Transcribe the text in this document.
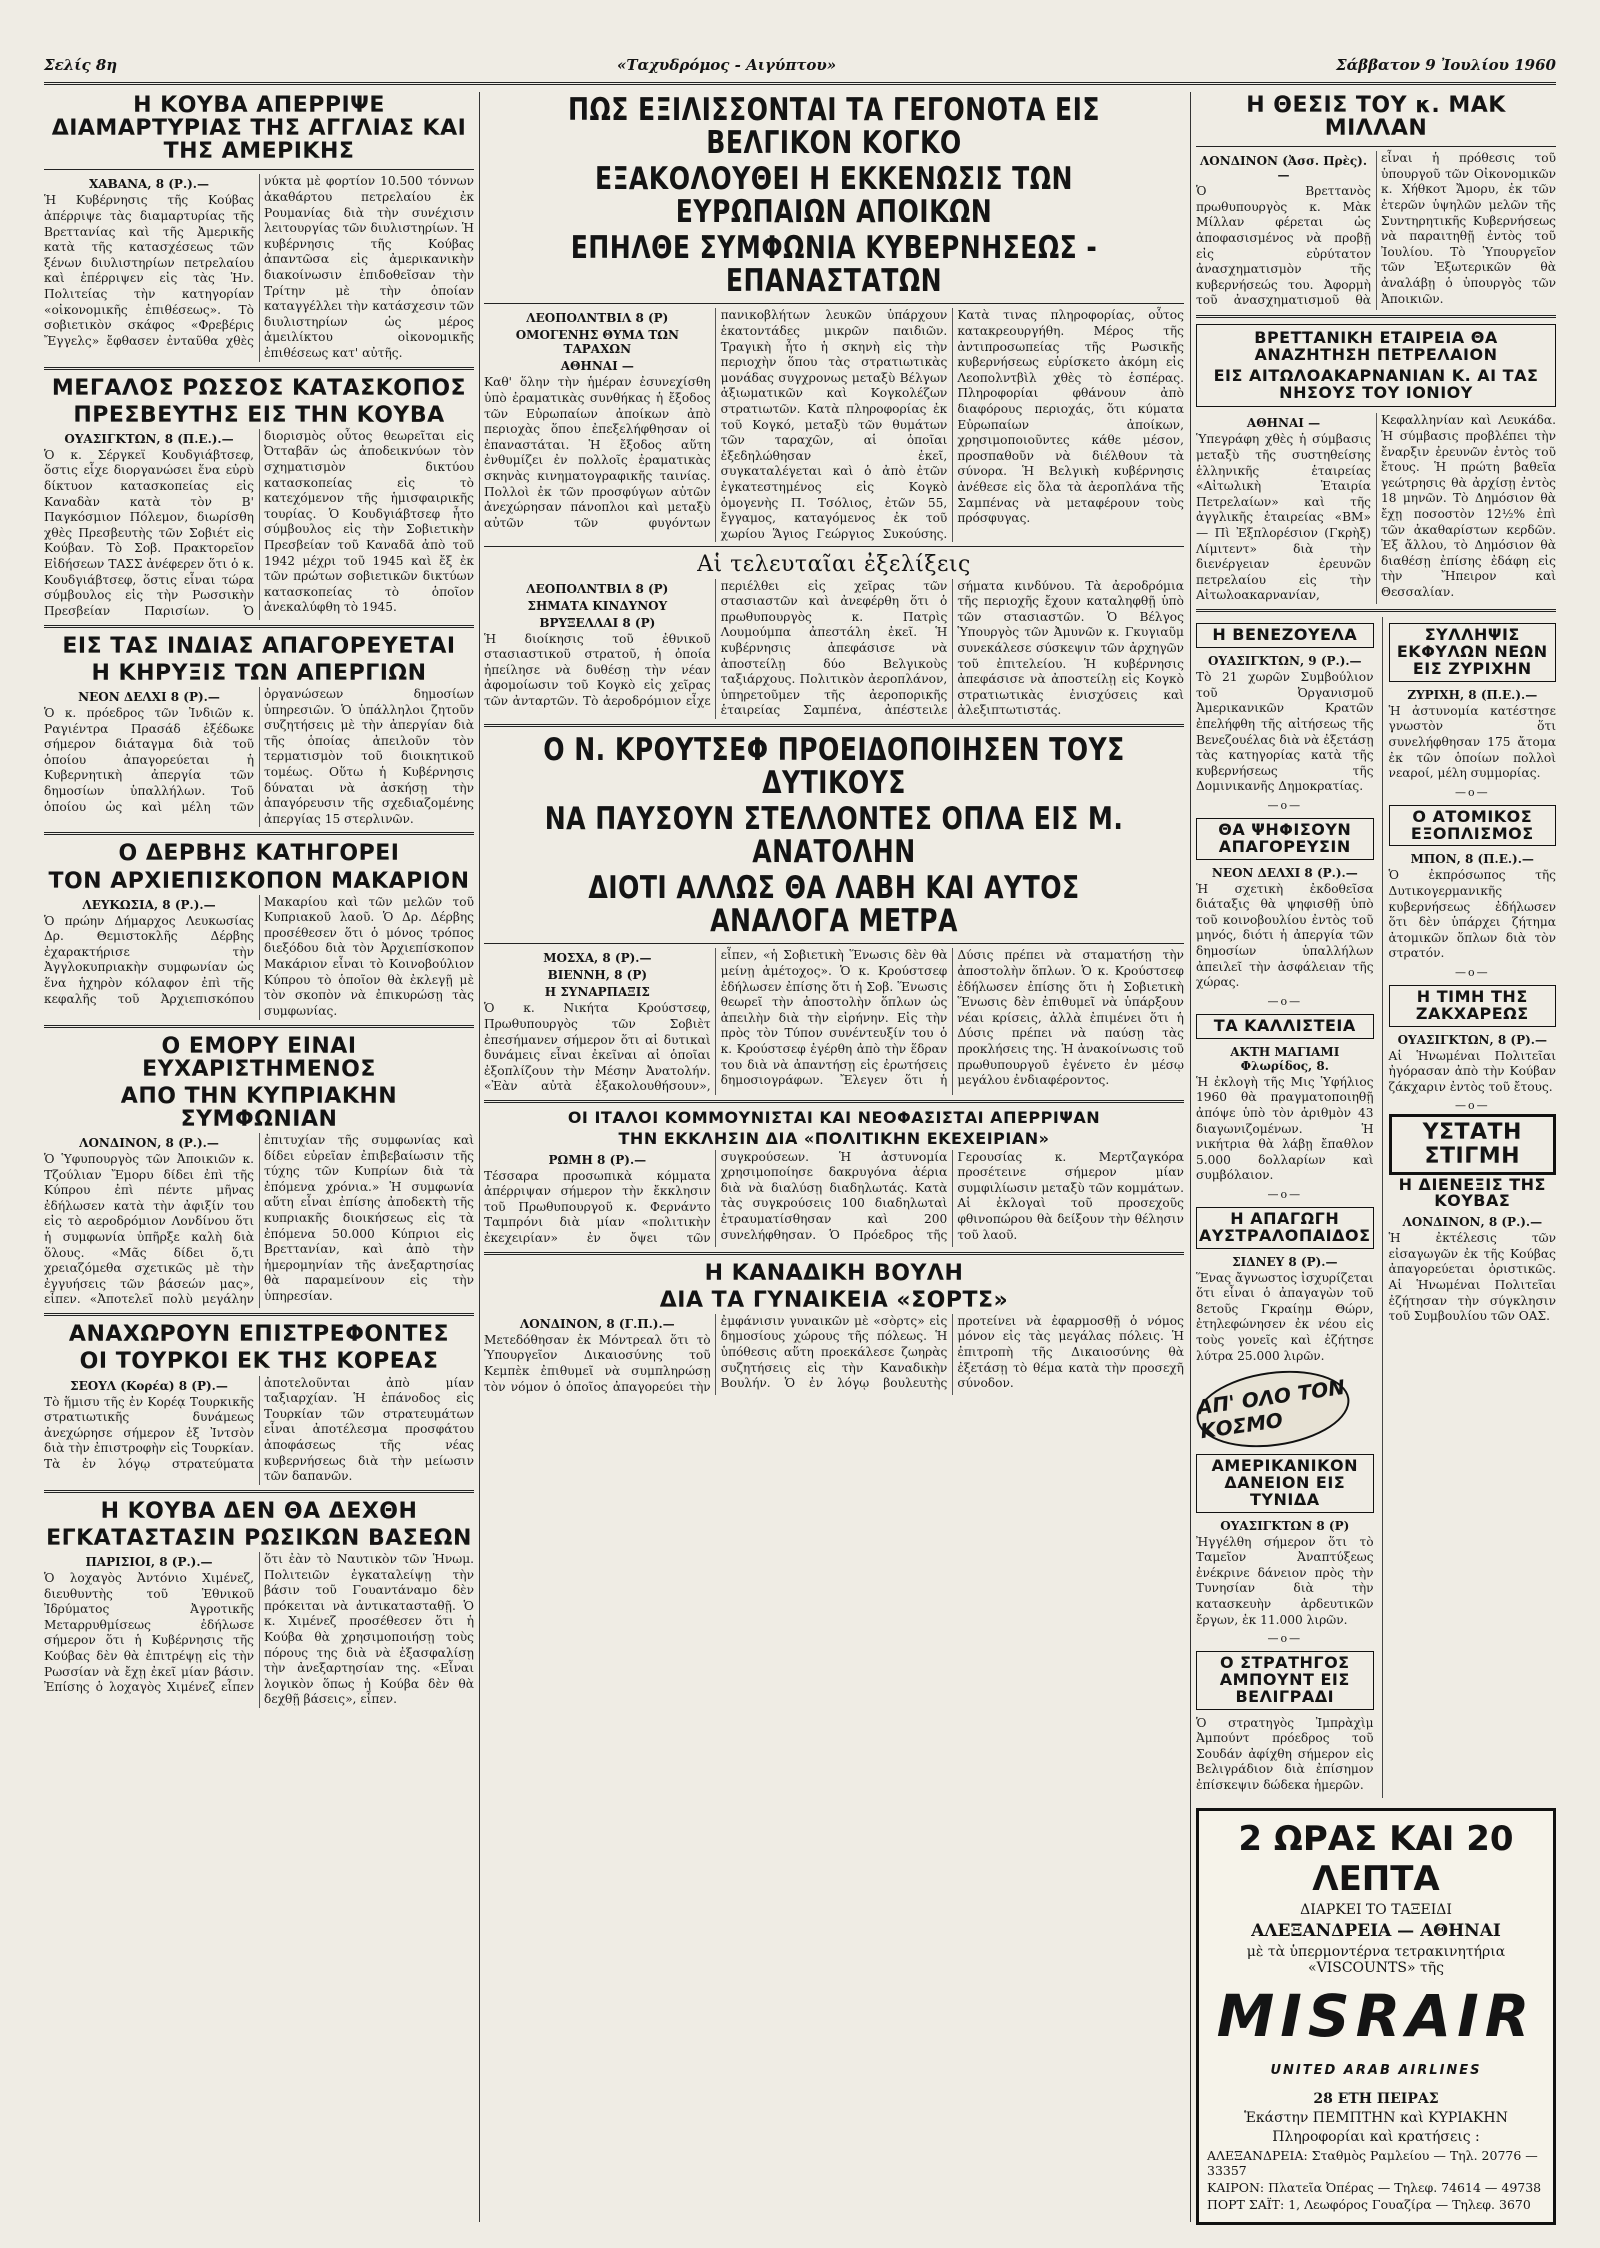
Σελίς 8η	«Ταχυδρόμος - Αιγύπτου»	Σάββατον 9 Ἰουλίου 1960
Η ΚΟΥΒΑ ΑΠΕΡΡΙΨΕ ΔΙΑΜΑΡΤΥΡΙΑΣ ΤΗΣ ΑΓΓΛΙΑΣ ΚΑΙ ΤΗΣ ΑΜΕΡΙΚΗΣ

ΧΑΒΑΝΑ, 8 (Ρ.).—

Ἡ Κυβέρνησις τῆς Κούβας ἀπέρριψε τὰς διαμαρτυρίας τῆς Βρεττανίας καὶ τῆς Ἀμερικῆς κατὰ τῆς κατασχέσεως τῶν ξένων διυλιστηρίων πετρελαίου καὶ ἐπέρριψεν εἰς τὰς Ἡν. Πολιτείας τὴν κατηγορίαν «οἰκονομικῆς ἐπιθέσεως». Τὸ σοβιετικὸν σκάφος «Φρεβέρις Ἔγγελς» ἔφθασεν ἐνταῦθα χθὲς νύκτα μὲ φορτίον 10.500 τόννων ἀκαθάρτου πετρελαίου ἐκ Ρουμανίας διὰ τὴν συνέχισιν λειτουργίας τῶν διυλιστηρίων. Ἡ κυβέρνησις τῆς Κούβας ἀπαντῶσα εἰς ἀμερικανικὴν διακοίνωσιν ἐπιδοθεῖσαν τὴν Τρίτην μὲ τὴν ὁποίαν καταγγέλλει τὴν κατάσχεσιν τῶν διυλιστηρίων ὡς μέρος ἀμειλίκτου οἰκονομικῆς ἐπιθέσεως κατ' αὐτῆς.

ΜΕΓΑΛΟΣ ΡΩΣΣΟΣ ΚΑΤΑΣΚΟΠΟΣ
ΠΡΕΣΒΕΥΤΗΣ ΕΙΣ ΤΗΝ ΚΟΥΒΑ

ΟΥΑΣΙΓΚΤΩΝ, 8 (Π.Ε.).—

Ὁ κ. Σέργκεϊ Κουδγιάβτσεφ, ὅστις εἶχε διοργανώσει ἕνα εὐρὺ δίκτυον κατασκοπείας εἰς Καναδὰν κατὰ τὸν Β' Παγκόσμιον Πόλεμον, διωρίσθη χθὲς Πρεσβευτὴς τῶν Σοβιέτ εἰς Κούβαν. Τὸ Σοβ. Πρακτορεῖον Εἰδήσεων ΤΑΣΣ ἀνέφερεν ὅτι ὁ κ. Κουδγιάβτσεφ, ὅστις εἶναι τώρα σύμβουλος εἰς τὴν Ρωσσικὴν Πρεσβείαν Παρισίων. Ὁ διορισμὸς οὗτος θεωρεῖται εἰς Ὀτταβᾶν ὡς ἀποδεικνύων τὸν σχηματισμὸν δικτύου κατασκοπείας εἰς τὸ κατεχόμενον τῆς ἡμισφαιρικῆς τουρίας. Ὁ Κουδγιάβτσεφ ἦτο σύμβουλος εἰς τὴν Σοβιετικὴν Πρεσβείαν τοῦ Καναδᾶ ἀπὸ τοῦ 1942 μέχρι τοῦ 1945 καὶ ἔξ ἐκ τῶν πρώτων σοβιετικῶν δικτύων κατασκοπείας τὸ ὁποῖον ἀνεκαλύφθη τὸ 1945.

ΕΙΣ ΤΑΣ ΙΝΔΙΑΣ ΑΠΑΓΟΡΕΥΕΤΑΙ
Η ΚΗΡΥΞΙΣ ΤΩΝ ΑΠΕΡΓΙΩΝ

ΝΕΟΝ ΔΕΛΧΙ 8 (Ρ).—

Ὁ κ. πρόεδρος τῶν Ἰνδιῶν κ. Ραγιέντρα Πρασάδ ἐξέδωκε σήμερον διάταγμα διὰ τοῦ ὁποίου ἀπαγορεύεται ἡ Κυβερνητικὴ ἀπεργία τῶν δημοσίων ὑπαλλήλων. Τοῦ ὁποίου ὡς καὶ μέλη τῶν ὀργανώσεων δημοσίων ὑπηρεσιῶν. Ὁ ὑπάλληλοι ζητοῦν συζητήσεις μὲ τὴν ἀπεργίαν διὰ τῆς ὁποίας ἀπειλοῦν τὸν τερματισμὸν τοῦ διοικητικοῦ τομέως. Οὕτω ἡ Κυβέρνησις δύναται νὰ ἀσκήσῃ τὴν ἀπαγόρευσιν τῆς σχεδιαζομένης ἀπεργίας 15 στερλινῶν.

Ο ΔΕΡΒΗΣ ΚΑΤΗΓΟΡΕΙ
ΤΟΝ ΑΡΧΙΕΠΙΣΚΟΠΟΝ ΜΑΚΑΡΙΟΝ

ΛΕΥΚΩΣΙΑ, 8 (Ρ.).—

Ὁ πρώην Δήμαρχος Λευκωσίας Δρ. Θεμιστοκλῆς Δέρβης ἐχαρακτήρισε τὴν Ἀγγλοκυπριακὴν συμφωνίαν ὡς ἕνα ἡχηρὸν κόλαφον ἐπὶ τῆς κεφαλῆς τοῦ Ἀρχιεπισκόπου Μακαρίου καὶ τῶν μελῶν τοῦ Κυπριακοῦ λαοῦ. Ὁ Δρ. Δέρβης προσέθεσεν ὅτι ὁ μόνος τρόπος διεξόδου διὰ τὸν Ἀρχιεπίσκοπον Μακάριον εἶναι τὸ Κοινοβούλιον Κύπρου τὸ ὁποῖον θὰ ἐκλεγῇ μὲ τὸν σκοπὸν νὰ ἐπικυρώσῃ τὰς συμφωνίας.

Ο ΕΜΟΡΥ ΕΙΝΑΙ ΕΥΧΑΡΙΣΤΗΜΕΝΟΣ
ΑΠΟ ΤΗΝ ΚΥΠΡΙΑΚΗΝ ΣΥΜΦΩΝΙΑΝ

ΛΟΝΔΙΝΟΝ, 8 (Ρ.).—

Ὁ Ὑφυπουργὸς τῶν Ἀποικιῶν κ. Τζούλιαν Ἔμορυ δίδει ἐπὶ τῆς Κύπρου ἐπὶ πέντε μῆνας ἐδήλωσεν κατὰ τὴν ἀφιξίν του εἰς τὸ αεροδρόμιον Λονδίνου ὅτι ἡ συμφωνία ὑπῆρξε καλὴ διὰ ὅλους. «Μᾶς δίδει ὅ,τι χρειαζόμεθα σχετικῶς μὲ τὴν ἐγγυήσεις τῶν βάσεών μας», εἶπεν. «Ἀποτελεῖ πολὺ μεγάλην ἐπιτυχίαν τῆς συμφωνίας καὶ δίδει εὐρεῖαν ἐπιβεβαίωσιν τῆς τύχης τῶν Κυπρίων διὰ τὰ ἐπόμενα χρόνια.» Ἡ συμφωνία αὕτη εἶναι ἐπίσης ἀποδεκτὴ τῆς κυπριακῆς διοικήσεως εἰς τὰ ἐπόμενα 50.000 Κύπριοι εἰς Βρεττανίαν, καὶ ἀπὸ τὴν ἡμερομηνίαν τῆς ἀνεξαρτησίας θὰ παραμείνουν εἰς τὴν ὑπηρεσίαν.

ΑΝΑΧΩΡΟΥΝ ΕΠΙΣΤΡΕΦΟΝΤΕΣ
ΟΙ ΤΟΥΡΚΟΙ ΕΚ ΤΗΣ ΚΟΡΕΑΣ

ΣΕΟΥΛ (Κορέα) 8 (Ρ).—

Τὸ ἥμισυ τῆς ἐν Κορέᾳ Τουρκικῆς στρατιωτικῆς δυνάμεως ἀνεχώρησε σήμερον ἐξ Ἰντσὸν διὰ τὴν ἐπιστροφὴν εἰς Τουρκίαν. Τὰ ἐν λόγῳ στρατεύματα ἀποτελοῦνται ἀπὸ μίαν ταξιαρχίαν. Ἡ ἐπάνοδος εἰς Τουρκίαν τῶν στρατευμάτων εἶναι ἀποτέλεσμα προσφάτου ἀποφάσεως τῆς νέας κυβερνήσεως διὰ τὴν μείωσιν τῶν δαπανῶν.

Η ΚΟΥΒΑ ΔΕΝ ΘΑ ΔΕΧΘΗ
ΕΓΚΑΤΑΣΤΑΣΙΝ ΡΩΣΙΚΩΝ ΒΑΣΕΩΝ

ΠΑΡΙΣΙΟΙ, 8 (Ρ.).—

Ὁ λοχαγὸς Ἀντόνιο Χιμένεζ, διευθυντὴς τοῦ Ἐθνικοῦ Ἰδρύματος Ἀγροτικῆς Μεταρρυθμίσεως ἐδήλωσε σήμερον ὅτι ἡ Κυβέρνησις τῆς Κούβας δὲν θὰ ἐπιτρέψῃ εἰς τὴν Ρωσσίαν νὰ ἔχῃ ἐκεῖ μίαν βάσιν. Ἐπίσης ὁ λοχαγὸς Χιμένεζ εἶπεν ὅτι ἐὰν τὸ Ναυτικὸν τῶν Ἡνωμ. Πολιτειῶν ἐγκαταλείψῃ τὴν βάσιν τοῦ Γουαντάναμο δὲν πρόκειται νὰ ἀντικατασταθῇ. Ὁ κ. Χιμένεζ προσέθεσεν ὅτι ἡ Κούβα θὰ χρησιμοποιήσῃ τοὺς πόρους της διὰ νὰ ἐξασφαλίσῃ τὴν ἀνεξαρτησίαν της. «Εἶναι λογικὸν ὅπως ἡ Κούβα δὲν θὰ δεχθῇ βάσεις», εἶπεν.

ΠΩΣ ΕΞΙΛΙΣΣΟΝΤΑΙ ΤΑ ΓΕΓΟΝΟΤΑ ΕΙΣ ΒΕΛΓΙΚΟΝ ΚΟΓΚΟ
ΕΞΑΚΟΛΟΥΘΕΙ Η ΕΚΚΕΝΩΣΙΣ ΤΩΝ ΕΥΡΩΠΑΙΩΝ ΑΠΟΙΚΩΝ
ΕΠΗΛΘΕ ΣΥΜΦΩΝΙΑ ΚΥΒΕΡΝΗΣΕΩΣ - ΕΠΑΝΑΣΤΑΤΩΝ

ΛΕΟΠΟΛΝΤΒΙΛ 8 (Ρ)

ΟΜΟΓΕΝΗΣ ΘΥΜΑ ΤΩΝ ΤΑΡΑΧΩΝ

ΑΘΗΝΑΙ —

Καθ' ὅλην τὴν ἡμέραν ἐσυνεχίσθη ὑπὸ ἐραματικὰς συνθήκας ἡ ἔξοδος τῶν Εὐρωπαίων ἀποίκων ἀπὸ περιοχὰς ὅπου ἐπεξελήφθησαν οἱ ἐπαναστάται. Ἡ ἔξοδος αὕτη ἐνθυμίζει ἐν πολλοῖς ἐραματικὰς σκηνὰς κινηματογραφικῆς ταινίας. Πολλοὶ ἐκ τῶν προσφύγων αὐτῶν ἀνεχώρησαν πάνοπλοι καὶ μεταξὺ αὐτῶν τῶν φυγόντων πανικοβλήτων λευκῶν ὑπάρχουν ἑκατοντάδες μικρῶν παιδιῶν. Τραγικὴ ἦτο ἡ σκηνὴ εἰς τὴν περιοχὴν ὅπου τὰς στρατιωτικὰς μονάδας συγχρονως μεταξὺ Βέλγων ἀξιωματικῶν καὶ Κογκολέζων στρατιωτῶν. Κατὰ πληροφορίας ἐκ τοῦ Κογκό, μεταξὺ τῶν θυμάτων τῶν ταραχῶν, αἱ ὁποῖαι ἐξεδηλώθησαν ἐκεῖ, συγκαταλέγεται καὶ ὁ ἀπὸ ἐτῶν ἐγκατεστημένος εἰς Κογκὸ ὁμογενὴς Π. Τσόλιος, ἐτῶν 55, ἔγγαμος, καταγόμενος ἐκ τοῦ χωρίου Ἅγιος Γεώργιος Συκούσης. Κατὰ τινας πληροφορίας, οὗτος κατακρεουργήθη. Μέρος τῆς ἀντιπροσωπείας τῆς Ρωσικῆς κυβερνήσεως εὑρίσκετο ἀκόμη εἰς Λεοπολντβὶλ χθὲς τὸ ἑσπέρας. Πληροφορίαι φθάνουν ἀπὸ διαφόρους περιοχάς, ὅτι κύματα Εὐρωπαίων ἀποίκων, χρησιμοποιοῦντες κάθε μέσον, προσπαθοῦν νὰ διέλθουν τὰ σύνορα. Ἡ Βελγικὴ κυβέρνησις ἀνέθεσε εἰς ὅλα τὰ ἀεροπλάνα τῆς Σαμπένας νὰ μεταφέρουν τοὺς πρόσφυγας.

Αἱ τελευταῖαι ἐξελίξεις

ΛΕΟΠΟΛΝΤΒΙΛ 8 (Ρ)

ΣΗΜΑΤΑ ΚΙΝΔΥΝΟΥ

ΒΡΥΞΕΛΛΑΙ 8 (Ρ)

Ἡ διοίκησις τοῦ ἐθνικοῦ στασιαστικοῦ στρατοῦ, ἡ ὁποία ἠπείλησε νὰ δυθέσῃ τὴν νέαν ἀφομοίωσιν τοῦ Κογκὸ εἰς χεῖρας τῶν ἀνταρτῶν. Τὸ ἀεροδρόμιον εἶχε περιέλθει εἰς χεῖρας τῶν στασιαστῶν καὶ ἀνεφέρθη ὅτι ὁ πρωθυπουργὸς κ. Πατρὶς Λουμούμπα ἀπεστάλη ἐκεῖ. Ἡ κυβέρνησις ἀπεφάσισε νὰ ἀποστείλῃ δύο Βελγικοὺς ταξιάρχους. Πολιτικὸν ἀεροπλάνον, ὑπηρετοῦμεν τῆς ἀεροπορικῆς ἑταιρείας Σαμπένα, ἀπέστειλε σήματα κινδύνου. Τὰ ἀεροδρόμια τῆς περιοχῆς ἔχουν καταληφθῇ ὑπὸ τῶν στασιαστῶν. Ὁ Βέλγος Ὑπουργὸς τῶν Ἀμυνῶν κ. Γκυγιαῦμ συνεκάλεσε σύσκεψιν τῶν ἀρχηγῶν τοῦ ἐπιτελείου. Ἡ κυβέρνησις ἀπεφάσισε νὰ ἀποστείλῃ εἰς Κογκὸ στρατιωτικὰς ἐνισχύσεις καὶ ἀλεξιπτωτιστάς.

Ο Ν. ΚΡΟΥΤΣΕΦ ΠΡΟΕΙΔΟΠΟΙΗΣΕΝ ΤΟΥΣ ΔΥΤΙΚΟΥΣ
ΝΑ ΠΑΥΣΟΥΝ ΣΤΕΛΛΟΝΤΕΣ ΟΠΛΑ ΕΙΣ Μ. ΑΝΑΤΟΛΗΝ
ΔΙΟΤΙ ΑΛΛΩΣ ΘΑ ΛΑΒΗ ΚΑΙ ΑΥΤΟΣ ΑΝΑΛΟΓΑ ΜΕΤΡΑ

ΜΟΣΧΑ, 8 (Ρ).—

ΒΙΕΝΝΗ, 8 (Ρ)

Η ΣΥΝΑΡΠΑΞΙΣ

Ὁ κ. Νικήτα Κρούστσεφ, Πρωθυπουργὸς τῶν Σοβιὲτ ἐπεσήμανεν σήμερον ὅτι αἱ δυτικαὶ δυνάμεις εἶναι ἐκεῖναι αἱ ὁποῖαι ἐξοπλίζουν τὴν Μέσην Ἀνατολήν. «Ἐὰν αὐτὰ ἐξακολουθήσουν», εἶπεν, «ἡ Σοβιετικὴ Ἕνωσις δὲν θὰ μείνῃ ἀμέτοχος». Ὁ κ. Κρούστσεφ ἐδήλωσεν ἐπίσης ὅτι ἡ Σοβ. Ἕνωσις θεωρεῖ τὴν ἀποστολὴν ὅπλων ὡς ἀπειλὴν διὰ τὴν εἰρήνην. Εἰς τὴν πρὸς τὸν Τύπον συνέντευξίν του ὁ κ. Κρούστσεφ ἐγέρθη ἀπὸ τὴν ἕδραν του διὰ νὰ ἀπαντήσῃ εἰς ἐρωτήσεις δημοσιογράφων. Ἔλεγεν ὅτι ἡ Δύσις πρέπει νὰ σταματήσῃ τὴν ἀποστολὴν ὅπλων. Ὁ κ. Κρούστσεφ ἐδήλωσεν ἐπίσης ὅτι ἡ Σοβιετικὴ Ἕνωσις δὲν ἐπιθυμεῖ νὰ ὑπάρξουν νέαι κρίσεις, ἀλλὰ ἐπιμένει ὅτι ἡ Δύσις πρέπει νὰ παύσῃ τὰς προκλήσεις της. Ἡ ἀνακοίνωσις τοῦ πρωθυπουργοῦ ἐγένετο ἐν μέσῳ μεγάλου ἐνδιαφέροντος.

ΟΙ ΙΤΑΛΟΙ ΚΟΜΜΟΥΝΙΣΤΑΙ ΚΑΙ ΝΕΟΦΑΣΙΣΤΑΙ ΑΠΕΡΡΙΨΑΝ
ΤΗΝ ΕΚΚΛΗΣΙΝ ΔΙΑ «ΠΟΛΙΤΙΚΗΝ ΕΚΕΧΕΙΡΙΑΝ»

ΡΩΜΗ 8 (Ρ).—

Τέσσαρα προσωπικὰ κόμματα ἀπέρριψαν σήμερον τὴν ἔκκλησιν τοῦ Πρωθυπουργοῦ κ. Φερνάντο Ταμπρόνι διὰ μίαν «πολιτικὴν ἐκεχειρίαν» ἐν ὄψει τῶν συγκρούσεων. Ἡ ἀστυνομία χρησιμοποίησε δακρυγόνα ἀέρια διὰ νὰ διαλύσῃ διαδηλωτάς. Κατὰ τὰς συγκρούσεις 100 διαδηλωταὶ ἐτραυματίσθησαν καὶ 200 συνελήφθησαν. Ὁ Πρόεδρος τῆς Γερουσίας κ. Μερτζαγκόρα προσέτεινε σήμερον μίαν συμφιλίωσιν μεταξὺ τῶν κομμάτων. Αἱ ἐκλογαὶ τοῦ προσεχοῦς φθινοπώρου θὰ δείξουν τὴν θέλησιν τοῦ λαοῦ.

Η ΚΑΝΑΔΙΚΗ ΒΟΥΛΗ
ΔΙΑ ΤΑ ΓΥΝΑΙΚΕΙΑ «ΣΟΡΤΣ»

ΛΟΝΔΙΝΟΝ, 8 (Γ.Π.).—

Μετεδόθησαν ἐκ Μόντρεαλ ὅτι τὸ Ὑπουργεῖον Δικαιοσύνης τοῦ Κεμπὲκ ἐπιθυμεῖ νὰ συμπληρώσῃ τὸν νόμον ὁ ὁποῖος ἀπαγορεύει τὴν ἐμφάνισιν γυναικῶν μὲ «σὸρτς» εἰς δημοσίους χώρους τῆς πόλεως. Ἡ ὑπόθεσις αὕτη προεκάλεσε ζωηρὰς συζητήσεις εἰς τὴν Καναδικὴν Βουλήν. Ὁ ἐν λόγῳ βουλευτὴς προτείνει νὰ ἐφαρμοσθῇ ὁ νόμος μόνον εἰς τὰς μεγάλας πόλεις. Ἡ ἐπιτροπὴ τῆς Δικαιοσύνης θὰ ἐξετάσῃ τὸ θέμα κατὰ τὴν προσεχῆ σύνοδον.

Η ΘΕΣΙΣ ΤΟΥ κ. ΜΑΚ ΜΙΛΛΑΝ

ΛΟΝΔΙΝΟΝ (Ἀσσ. Πρὲς).—

Ὁ Βρεττανὸς πρωθυπουργὸς κ. Μὰκ Μίλλαν φέρεται ὡς ἀποφασισμένος νὰ προβῇ εἰς εὐρύτατον ἀνασχηματισμὸν τῆς κυβερνήσεώς του. Ἀφορμὴ τοῦ ἀνασχηματισμοῦ θὰ εἶναι ἡ πρόθεσις τοῦ ὑπουργοῦ τῶν Οἰκονομικῶν κ. Χήθκοτ Ἄμορυ, ἐκ τῶν ἐτερῶν ὑψηλῶν μελῶν τῆς Συντηρητικῆς Κυβερνήσεως νὰ παραιτηθῇ ἐντὸς τοῦ Ἰουλίου. Τὸ Ὑπουργεῖον τῶν Ἐξωτερικῶν θὰ ἀναλάβῃ ὁ ὑπουργὸς τῶν Ἀποικιῶν.

ΒΡΕΤΤΑΝΙΚΗ ΕΤΑΙΡΕΙΑ ΘΑ ΑΝΑΖΗΤΗΣΗ ΠΕΤΡΕΛΑΙΟΝ
ΕΙΣ ΑΙΤΩΛΟΑΚΑΡΝΑΝΙΑΝ Κ. ΑΙ ΤΑΣ ΝΗΣΟΥΣ ΤΟΥ ΙΟΝΙΟΥ

ΑΘΗΝΑΙ —

Ὑπεγράφη χθὲς ἡ σύμβασις μεταξὺ τῆς συστηθείσης ἑλληνικῆς ἑταιρείας «Αἰτωλικὴ Ἑταιρία Πετρελαίων» καὶ τῆς ἀγγλικῆς ἑταιρείας «BM» — Πὶ Ἐξπλορέσιον (Γκρὴξ) Λίμιτεντ» διὰ τὴν διενέργειαν ἐρευνῶν πετρελαίου εἰς τὴν Αἰτωλοακαρνανίαν, Κεφαλληνίαν καὶ Λευκάδα. Ἡ σύμβασις προβλέπει τὴν ἔναρξιν ἐρευνῶν ἐντὸς τοῦ ἔτους. Ἡ πρώτη βαθεῖα γεώτρησις θὰ ἀρχίσῃ ἐντὸς 18 μηνῶν. Τὸ Δημόσιον θὰ ἔχῃ ποσοστὸν 12½% ἐπὶ τῶν ἀκαθαρίστων κερδῶν. Ἐξ ἄλλου, τὸ Δημόσιον θὰ διαθέσῃ ἐπίσης ἐδάφη εἰς τὴν Ἤπειρον καὶ Θεσσαλίαν.

Η ΒΕΝΕΖΟΥΕΛΑ

ΟΥΑΣΙΓΚΤΩΝ, 9 (Ρ.).—

Τὸ 21 χωρῶν Συμβούλιον τοῦ Ὀργανισμοῦ Ἀμερικανικῶν Κρατῶν ἐπελήφθη τῆς αἰτήσεως τῆς Βενεζουέλας διὰ νὰ ἐξετάσῃ τὰς κατηγορίας κατὰ τῆς κυβερνήσεως τῆς Δομινικανῆς Δημοκρατίας.

—o—
ΘΑ ΨΗΦΙΣΟΥΝ ΑΠΑΓΟΡΕΥΣΙΝ

ΝΕΟΝ ΔΕΛΧΙ 8 (Ρ.).—

Ἡ σχετικὴ ἐκδοθεῖσα διάταξις θὰ ψηφισθῇ ὑπὸ τοῦ κοινοβουλίου ἐντὸς τοῦ μηνός, διότι ἡ ἀπεργία τῶν δημοσίων ὑπαλλήλων ἀπειλεῖ τὴν ἀσφάλειαν τῆς χώρας.

—o—
ΤΑ ΚΑΛΛΙΣΤΕΙΑ

ΑΚΤΗ ΜΑΓΙΑΜΙ Φλωρίδος, 8.

Ἡ ἐκλογὴ τῆς Μις Ὑφήλιος 1960 θὰ πραγματοποιηθῇ ἀπόψε ὑπὸ τὸν ἀριθμὸν 43 διαγωνιζομένων. Ἡ νικήτρια θὰ λάβῃ ἔπαθλον 5.000 δολλαρίων καὶ συμβόλαιον.

—o—
Η ΑΠΑΓΩΓΗ ΑΥΣΤΡΑΛΟΠΑΙΔΟΣ

ΣΙΔΝΕΥ 8 (Ρ).—

Ἕνας ἄγνωστος ἰσχυρίζεται ὅτι εἶναι ὁ ἀπαγαγὼν τοῦ 8ετοῦς Γκραίημ Θώρν, ἐτηλεφώνησεν ἐκ νέου εἰς τοὺς γονεῖς καὶ ἐζήτησε λύτρα 25.000 λιρῶν.

ΑΠ' ΟΛΟ ΤΟΝ ΚΟΣΜΟ
ΑΜΕΡΙΚΑΝΙΚΟΝ ΔΑΝΕΙΟΝ ΕΙΣ ΤΥΝΙΔΑ

ΟΥΑΣΙΓΚΤΩΝ 8 (Ρ)

Ἠγγέλθη σήμερον ὅτι τὸ Ταμεῖον Ἀναπτύξεως ἐνέκρινε δάνειον πρὸς τὴν Τυνησίαν διὰ τὴν κατασκευὴν ἀρδευτικῶν ἔργων, ἐκ 11.000 λιρῶν.

—o—
Ο ΣΤΡΑΤΗΓΟΣ ΑΜΠΟΥΝΤ ΕΙΣ ΒΕΛΙΓΡΑΔΙ

Ὁ στρατηγὸς Ἰμπρὰχὶμ Ἀμπούντ πρόεδρος τοῦ Σουδάν ἀφίχθη σήμερον εἰς Βελιγράδιον διὰ ἐπίσημον ἐπίσκεψιν δώδεκα ἡμερῶν.

ΣΥΛΛΗΨΙΣ ΕΚΦΥΛΩΝ ΝΕΩΝ ΕΙΣ ΖΥΡΙΧΗΝ

ΖΥΡΙΧΗ, 8 (Π.Ε.).—

Ἡ ἀστυνομία κατέστησε γνωστὸν ὅτι συνελήφθησαν 175 ἄτομα ἐκ τῶν ὁποίων πολλοὶ νεαροί, μέλη συμμορίας.

—o—
Ο ΑΤΟΜΙΚΟΣ ΕΞΟΠΛΙΣΜΟΣ

ΜΠΟΝ, 8 (Π.Ε.).—

Ὁ ἐκπρόσωπος τῆς Δυτικογερμανικῆς κυβερνήσεως ἐδήλωσεν ὅτι δὲν ὑπάρχει ζήτημα ἀτομικῶν ὅπλων διὰ τὸν στρατόν.

—o—
Η ΤΙΜΗ ΤΗΣ ΖΑΚΧΑΡΕΩΣ

ΟΥΑΣΙΓΚΤΩΝ, 8 (Ρ).—

Αἱ Ἡνωμέναι Πολιτεῖαι ἠγόρασαν ἀπὸ τὴν Κούβαν ζάκχαριν ἐντὸς τοῦ ἔτους.

—o—
ΥΣΤΑΤΗ ΣΤΙΓΜΗ
Η ΔΙΕΝΕΞΙΣ ΤΗΣ ΚΟΥΒΑΣ

ΛΟΝΔΙΝΟΝ, 8 (Ρ.).—

Ἡ ἐκτέλεσις τῶν εἰσαγωγῶν ἐκ τῆς Κούβας ἀπαγορεύεται ὁριστικῶς. Αἱ Ἡνωμέναι Πολιτεῖαι ἐζήτησαν τὴν σύγκλησιν τοῦ Συμβουλίου τῶν ΟΑΣ.

2 ΩΡΑΣ ΚΑΙ 20 ΛΕΠΤΑ

ΔΙΑΡΚΕΙ ΤΟ ΤΑΞΕΙΔΙ

ΑΛΕΞΑΝΔΡΕΙΑ — ΑΘΗΝΑΙ

μὲ τὰ ὑπερμοντέρνα τετρακινητήρια «VISCOUNTS» τῆς

MISRAIR

UNITED ARAB AIRLINES

28 ΕΤΗ ΠΕΙΡΑΣ

Ἑκάστην ΠΕΜΠΤΗΝ καὶ ΚΥΡΙΑΚΗΝ

Πληροφορίαι καὶ κρατήσεις :

ΑΛΕΞΑΝΔΡΕΙΑ: Σταθμὸς Ραμλείου — Τηλ. 20776 — 33357

ΚΑΙΡΟΝ: Πλατεῖα Ὀπέρας — Τηλεφ. 74614 — 49738

ΠΟΡΤ ΣΑΪΤ: 1, Λεωφόρος Γουαζίρα — Τηλεφ. 3670
